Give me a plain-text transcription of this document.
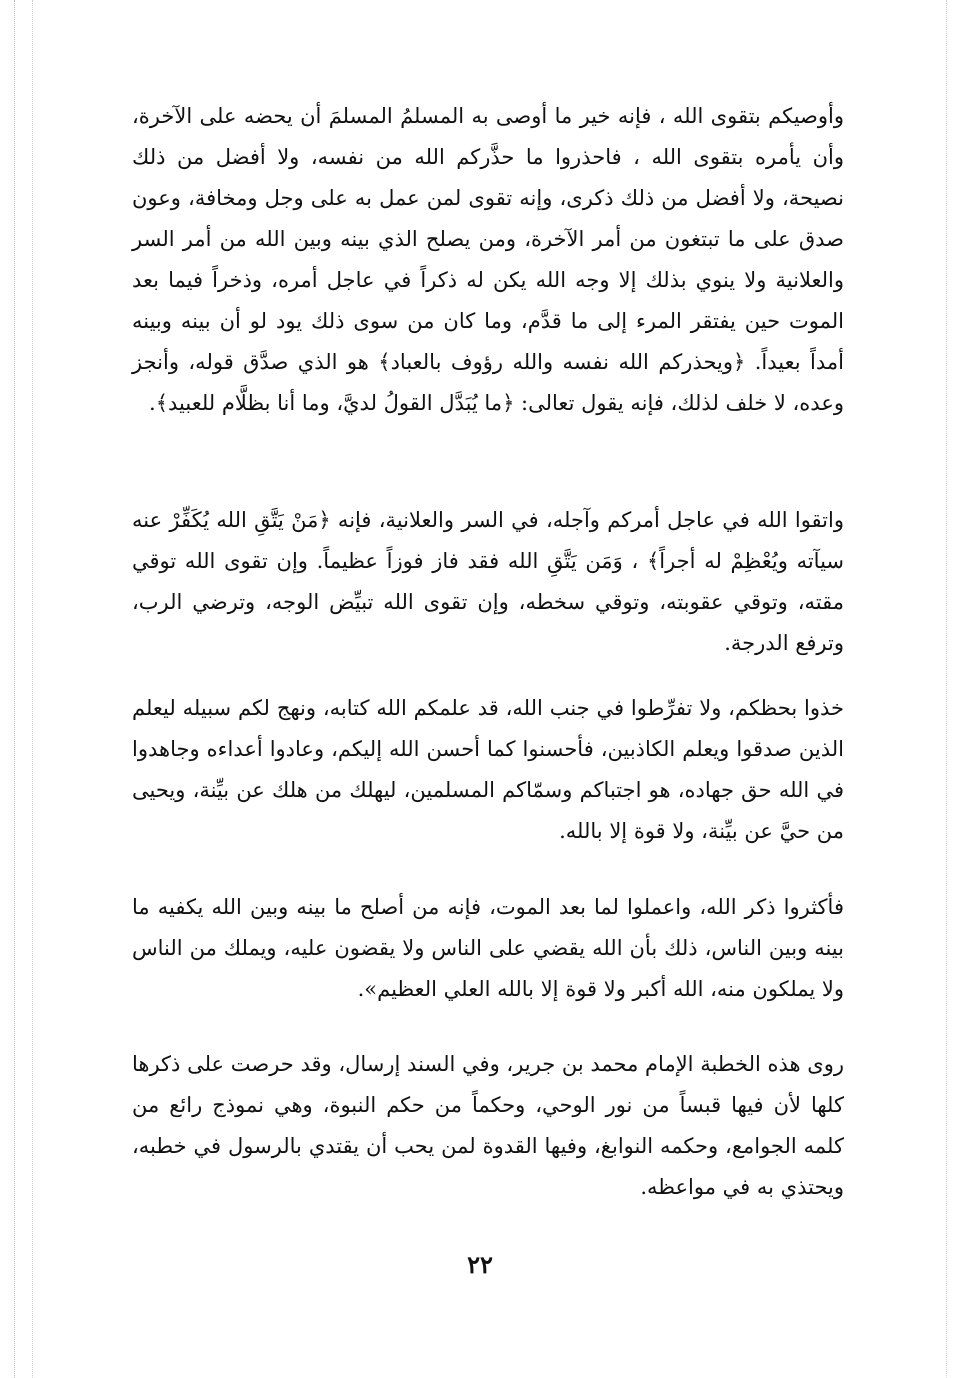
وأوصيكم بتقوى الله ، فإنه خير ما أوصى به المسلمُ المسلمَ أن يحضه على الآخرة، وأن يأمره بتقوى الله ، فاحذروا ما حذَّركم الله من نفسه، ولا أفضل من ذلك نصيحة، ولا أفضل من ذلك ذكرى، وإنه تقوى لمن عمل به على وجل ومخافة، وعون صدق على ما تبتغون من أمر الآخرة، ومن يصلح الذي بينه وبين الله من أمر السر والعلانية ولا ينوي بذلك إلا وجه الله يكن له ذكراً في عاجل أمره، وذخراً فيما بعد الموت حين يفتقر المرء إلى ما قدَّم، وما كان من سوى ذلك يود لو أن بينه وبينه أمداً بعيداً. ﴿ويحذركم الله نفسه والله رؤوف بالعباد﴾ هو الذي صدَّق قوله، وأنجز وعده، لا خلف لذلك، فإنه يقول تعالى: ﴿ما يُبَدَّل القولُ لديَّ، وما أنا بظلَّام للعبيد﴾.

واتقوا الله في عاجل أمركم وآجله، في السر والعلانية، فإنه ﴿مَنْ يَتَّقِ الله يُكَفِّرْ عنه سيآته ويُعْظِمْ له أجراً﴾ ، وَمَن يَتَّقِ الله فقد فاز فوزاً عظيماً. وإن تقوى الله توقي مقته، وتوقي عقوبته، وتوقي سخطه، وإن تقوى الله تبيِّض الوجه، وترضي الرب، وترفع الدرجة.

خذوا بحظكم، ولا تفرِّطوا في جنب الله، قد علمكم الله كتابه، ونهج لكم سبيله ليعلم الذين صدقوا ويعلم الكاذبين، فأحسنوا كما أحسن الله إليكم، وعادوا أعداءه وجاهدوا في الله حق جهاده، هو اجتباكم وسمّاكم المسلمين، ليهلك من هلك عن بيِّنة، ويحيى من حيَّ عن بيِّنة، ولا قوة إلا بالله.

فأكثروا ذكر الله، واعملوا لما بعد الموت، فإنه من أصلح ما بينه وبين الله يكفيه ما بينه وبين الناس، ذلك بأن الله يقضي على الناس ولا يقضون عليه، ويملك من الناس ولا يملكون منه، الله أكبر ولا قوة إلا بالله العلي العظيم».

روى هذه الخطبة الإمام محمد بن جرير، وفي السند إرسال، وقد حرصت على ذكرها كلها لأن فيها قبساً من نور الوحي، وحكماً من حكم النبوة، وهي نموذج رائع من كلمه الجوامع، وحكمه النوابغ، وفيها القدوة لمن يحب أن يقتدي بالرسول في خطبه، ويحتذي به في مواعظه.

٢٢
